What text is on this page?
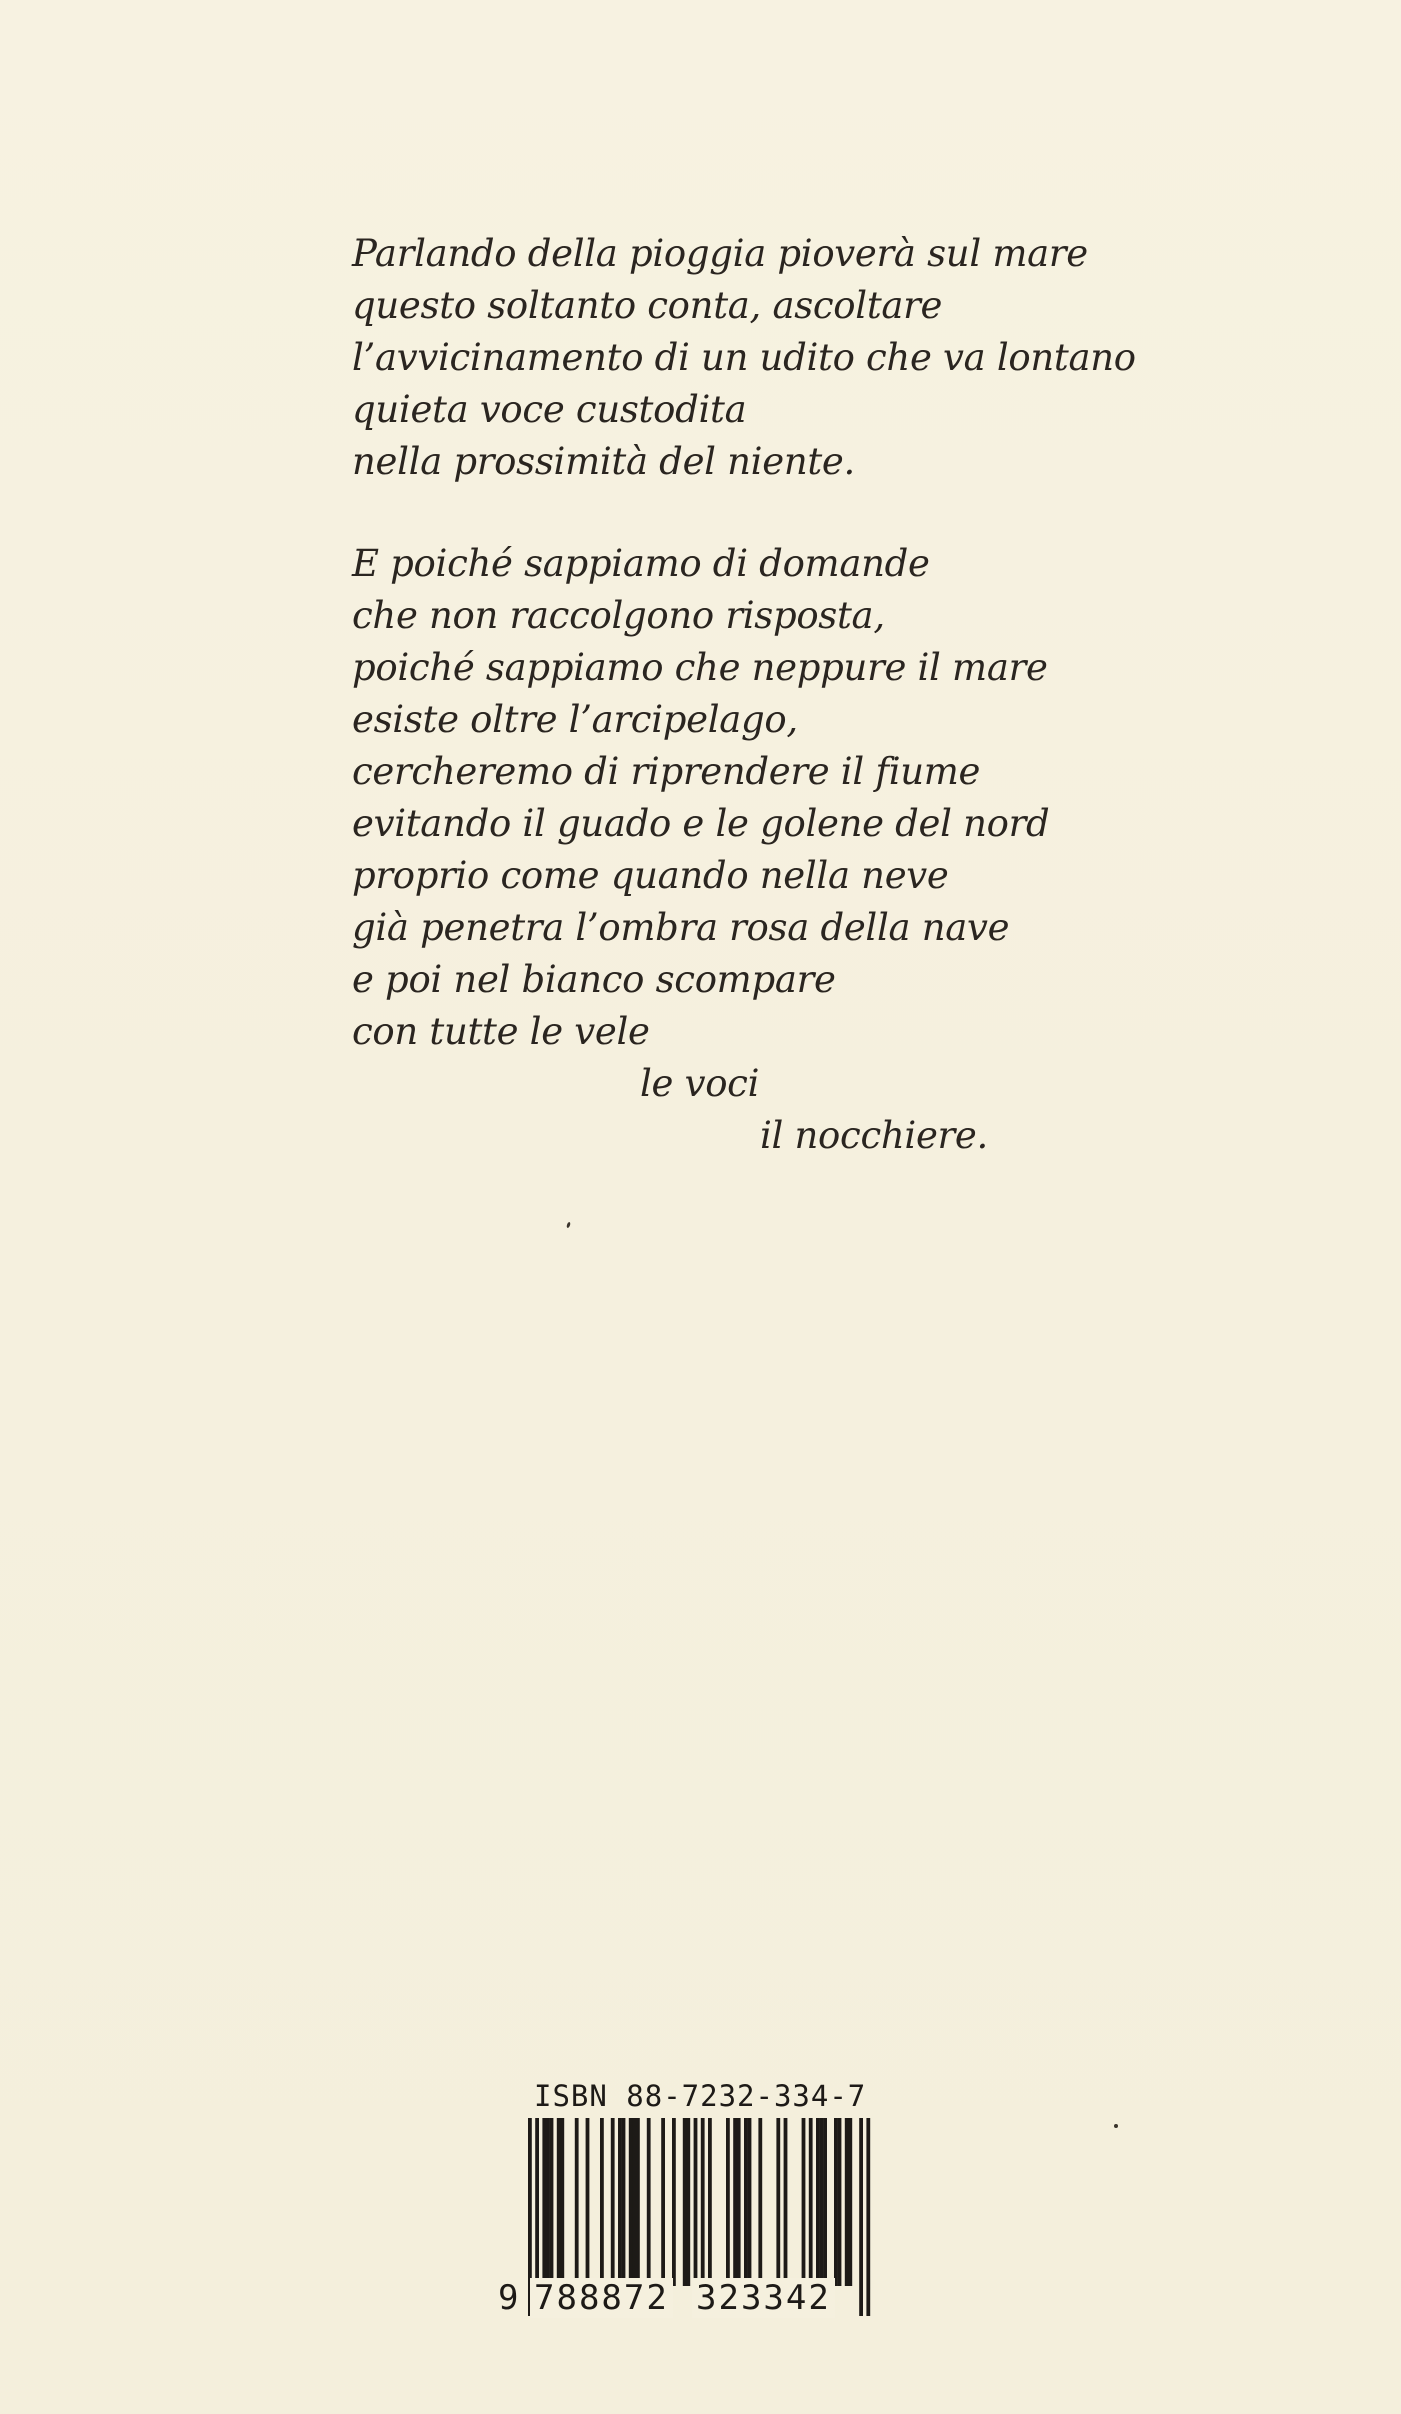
Parlando della pioggia pioverà sul mare
questo soltanto conta, ascoltare
l’avvicinamento di un udito che va lontano
quieta voce custodita
nella prossimità del niente.
E poiché sappiamo di domande
che non raccolgono risposta,
poiché sappiamo che neppure il mare
esiste oltre l’arcipelago,
cercheremo di riprendere il fiume
evitando il guado e le golene del nord
proprio come quando nella neve
già penetra l’ombra rosa della nave
e poi nel bianco scompare
con tutte le vele
le voci
il nocchiere.
ISBN 88-7232-334-7
9 788872 323342
